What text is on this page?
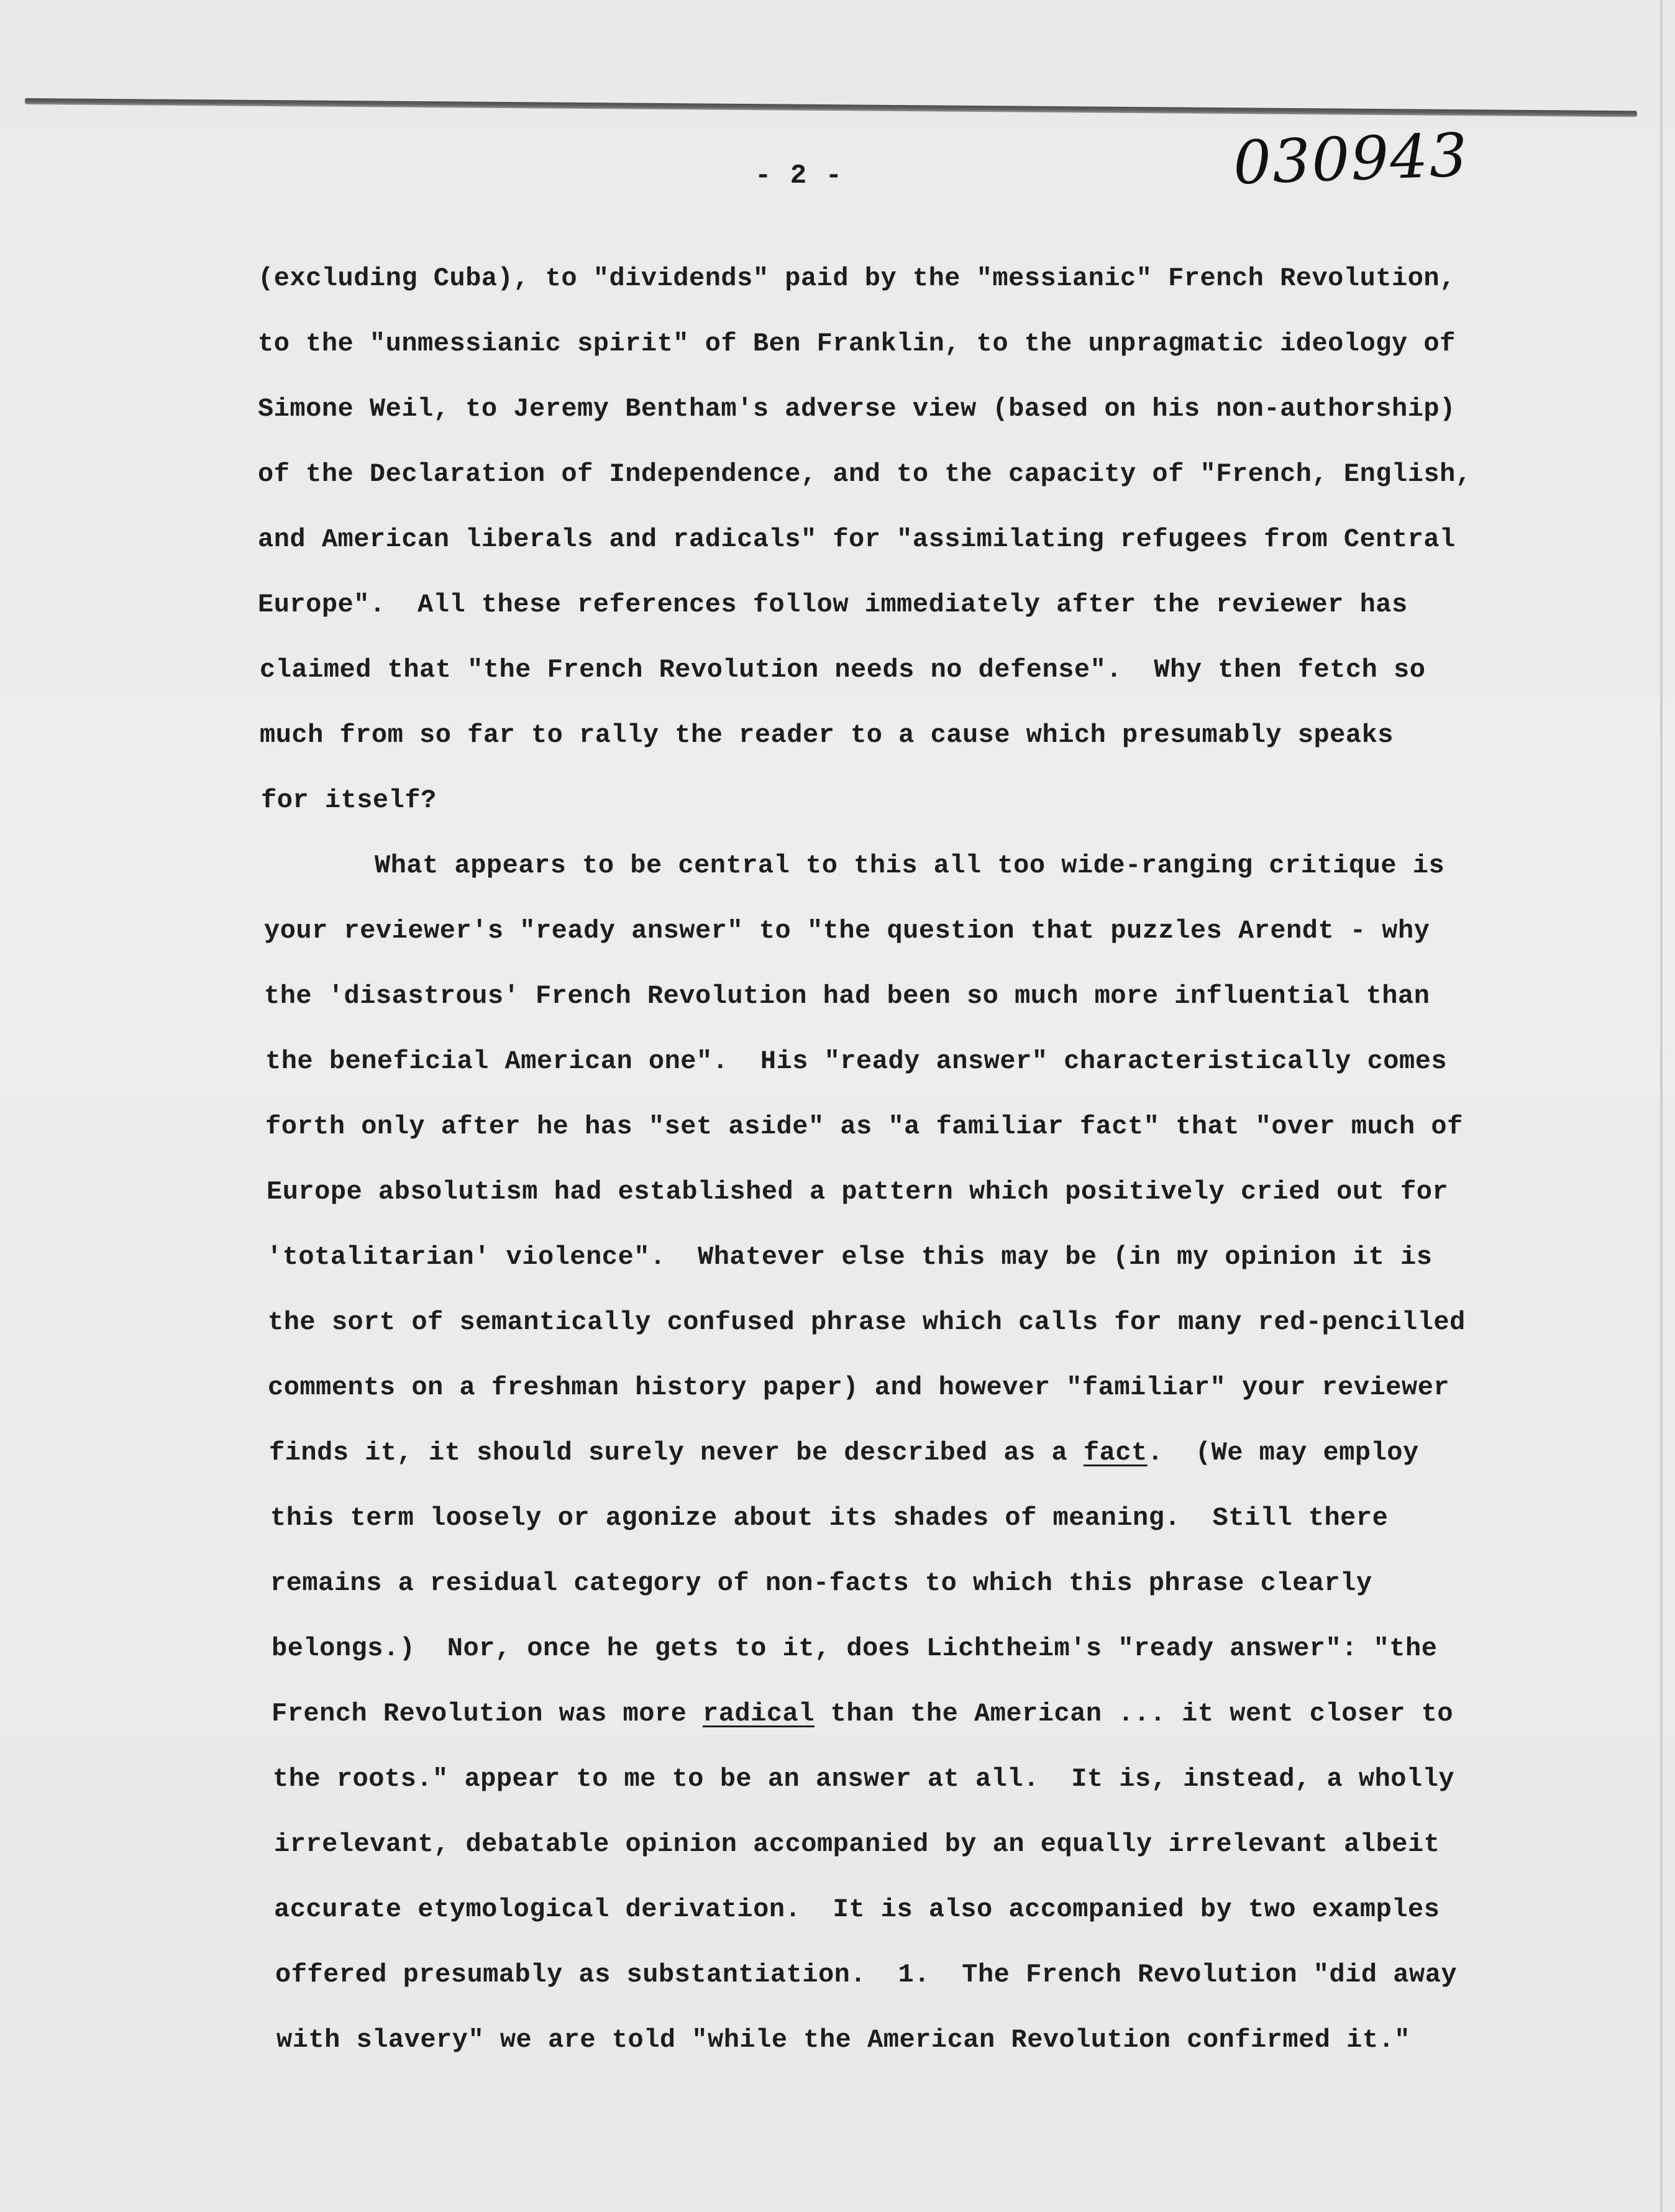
- 2 -	030943
(excluding Cuba), to "dividends" paid by the "messianic" French Revolution,
to the "unmessianic spirit" of Ben Franklin, to the unpragmatic ideology of
Simone Weil, to Jeremy Bentham's adverse view (based on his non-authorship)
of the Declaration of Independence, and to the capacity of "French, English,
and American liberals and radicals" for "assimilating refugees from Central
Europe".  All these references follow immediately after the reviewer has
claimed that "the French Revolution needs no defense".  Why then fetch so
much from so far to rally the reader to a cause which presumably speaks
for itself?
What appears to be central to this all too wide-ranging critique is
your reviewer's "ready answer" to "the question that puzzles Arendt - why
the 'disastrous' French Revolution had been so much more influential than
the beneficial American one".  His "ready answer" characteristically comes
forth only after he has "set aside" as "a familiar fact" that "over much of
Europe absolutism had established a pattern which positively cried out for
'totalitarian' violence".  Whatever else this may be (in my opinion it is
the sort of semantically confused phrase which calls for many red-pencilled
comments on a freshman history paper) and however "familiar" your reviewer
finds it, it should surely never be described as a fact.  (We may employ
this term loosely or agonize about its shades of meaning.  Still there
remains a residual category of non-facts to which this phrase clearly
belongs.)  Nor, once he gets to it, does Lichtheim's "ready answer": "the
French Revolution was more radical than the American ... it went closer to
the roots." appear to me to be an answer at all.  It is, instead, a wholly
irrelevant, debatable opinion accompanied by an equally irrelevant albeit
accurate etymological derivation.  It is also accompanied by two examples
offered presumably as substantiation.  1.  The French Revolution "did away
with slavery" we are told "while the American Revolution confirmed it."
